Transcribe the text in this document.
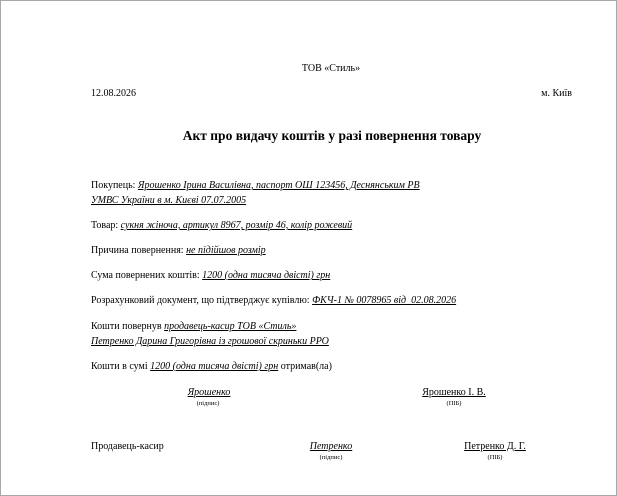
ТОВ «Стиль»
12.08.2026	м. Київ
Акт про видачу коштів у разі повернення товару
Покупець: Ярошенко Ірина Василівна, паспорт ОШ 123456, Деснянським РВ
УМВС України в м. Києві 07.07.2005
Товар: сукня жіноча, артикул 8967, розмір 46, колір рожевий
Причина повернення: не підійшов розмір
Сума повернених коштів: 1200 (одна тисяча двісті) грн
Розрахунковий документ, що підтверджує купівлю: ФКЧ-1 № 0078965 від  02.08.2026
Кошти повернув продавець-касир ТОВ «Стиль»
Петренко Дарина Григорівна із грошової скриньки РРО
Кошти в сумі 1200 (одна тисяча двісті) грн отримав(ла)
Ярошенко
(підпис)
Ярошенко І. В.
(ПІБ)
Продавець-касир	Петренко
(підпис)
Петренко Д. Г.
(ПІБ)
